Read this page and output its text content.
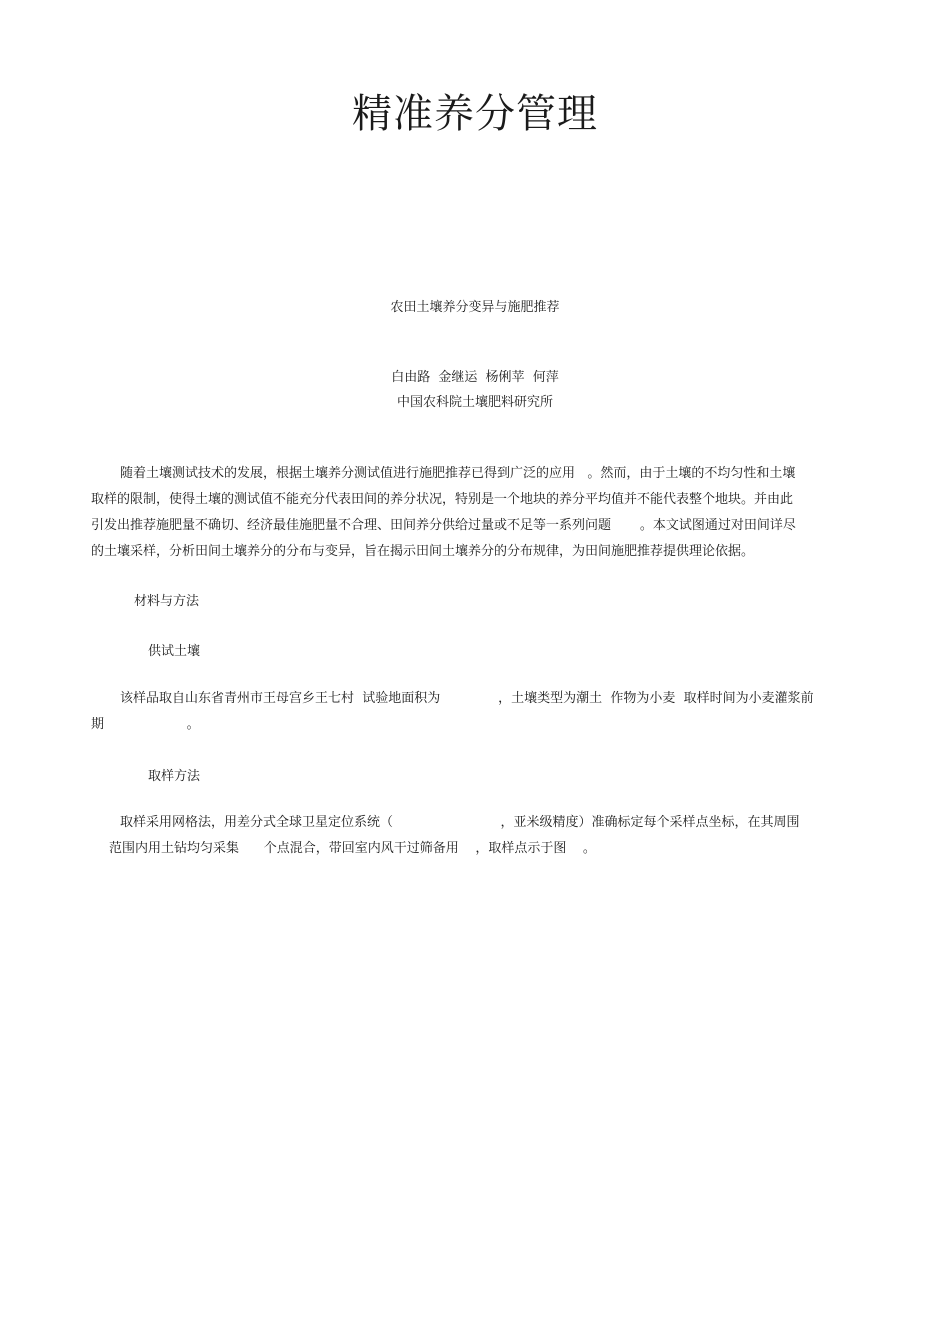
精准养分管理

农田土壤养分变异与施肥推荐

白由路 金继运 杨俐苹 何萍

中国农科院土壤肥料研究所

随着土壤测试技术的发展，根据土壤养分测试值进行施肥推荐已得到广泛的应用   。然而，由于土壤的不均匀性和土壤
取样的限制，使得土壤的测试值不能充分代表田间的养分状况，特别是一个地块的养分平均值并不能代表整个地块。并由此
引发出推荐施肥量不确切、经济最佳施肥量不合理、田间养分供给过量或不足等一系列问题       。本文试图通过对田间详尽
的土壤采样，分析田间土壤养分的分布与变异，旨在揭示田间土壤养分的分布规律，为田间施肥推荐提供理论依据。

材料与方法

供试土壤

该样品取自山东省青州市王母宫乡王七村  试验地面积为              ，土壤类型为潮土  作物为小麦  取样时间为小麦灌浆前
期                    。

取样方法

取样采用网格法，用差分式全球卫星定位系统（                          ，亚米级精度）准确标定每个采样点坐标，在其周围
范围内用土钻均匀采集      个点混合，带回室内风干过筛备用    ，取样点示于图    。
